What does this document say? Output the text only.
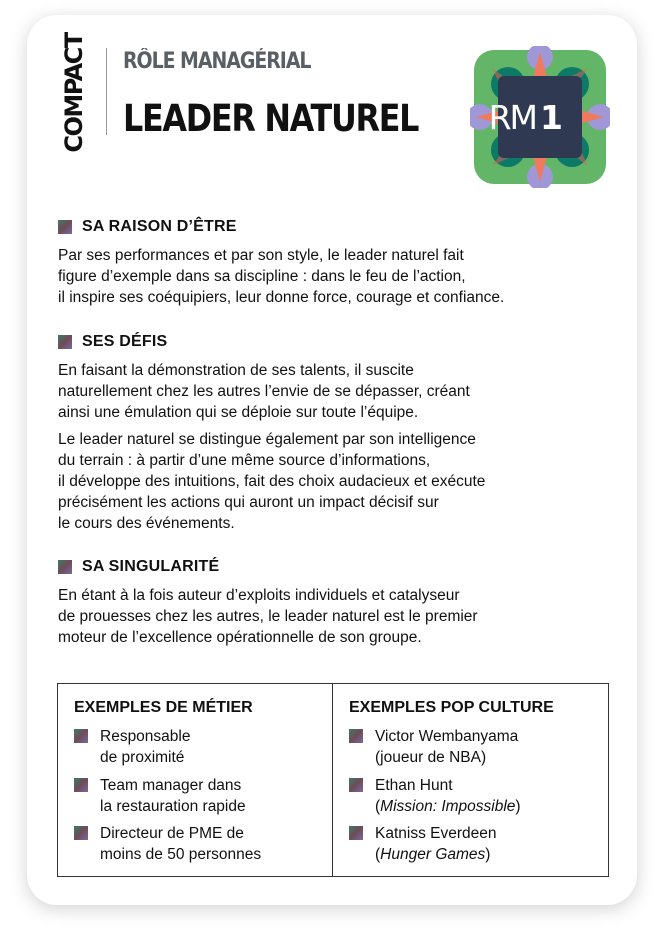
COMPACT RÔLE MANAGÉRIAL
LEADER NATUREL RM 1
SA RAISON D’ÊTRE

Par ses performances et par son style, le leader naturel fait
figure d’exemple dans sa discipline : dans le feu de l’action,
il inspire ses coéquipiers, leur donne force, courage et confiance.

SES DÉFIS

En faisant la démonstration de ses talents, il suscite
naturellement chez les autres l’envie de se dépasser, créant
ainsi une émulation qui se déploie sur toute l’équipe.

Le leader naturel se distingue également par son intelligence
du terrain : à partir d’une même source d’informations,
il développe des intuitions, fait des choix audacieux et exécute
précisément les actions qui auront un impact décisif sur
le cours des événements.

SA SINGULARITÉ

En étant à la fois auteur d’exploits individuels et catalyseur
de prouesses chez les autres, le leader naturel est le premier
moteur de l’excellence opérationnelle de son groupe.

EXEMPLES DE MÉTIER
Responsable
de proximité
Team manager dans
la restauration rapide
Directeur de PME de
moins de 50 personnes
EXEMPLES POP CULTURE
Victor Wembanyama
(joueur de NBA)
Ethan Hunt
(Mission: Impossible)
Katniss Everdeen
(Hunger Games)
